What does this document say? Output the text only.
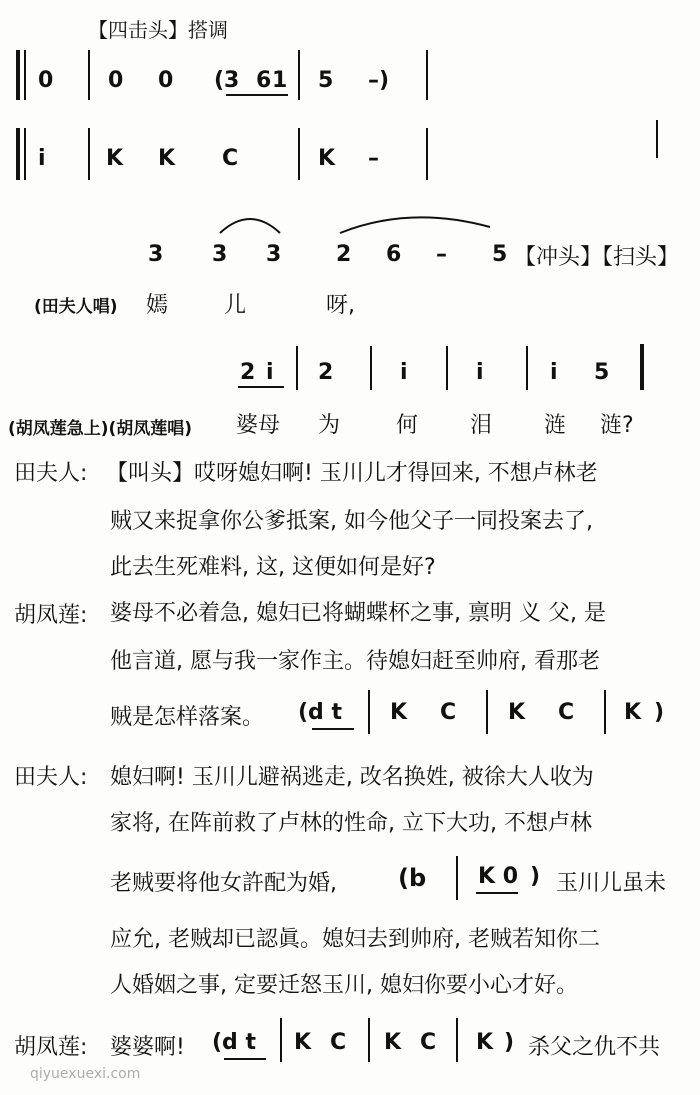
【四击头】搭调
0 0 0 (3 6 1 5 –)
i	K K C	K –
3 3 3 2 6 – 5 【冲头】【扫头】
(田夫人唱) 嫣	儿	呀,
2 i 2	i	i	i 5
(胡凤莲急上)(胡凤莲唱) 婆母 为	何 泪 涟 涟?
田夫人: 【叫头】哎呀媳妇啊! 玉川儿才得回来, 不想卢林老
贼又来捉拿你公爹抵案, 如今他父子一同投案去了,
此去生死难料, 这, 这便如何是好?
胡凤莲: 婆母不必着急, 媳妇已将蝴蝶杯之事, 禀明 义 父, 是
他言道, 愿与我一家作主。待媳妇赶至帅府, 看那老
贼是怎样落案。 (d t K C K C K )
田夫人: 媳妇啊! 玉川儿避祸逃走, 改名换姓, 被徐大人收为
家将, 在阵前救了卢林的性命, 立下大功, 不想卢林
老贼要将他女許配为婚,	(b K 0 ) 玉川儿虽未
应允, 老贼却已認眞。媳妇去到帅府, 老贼若知你二
人婚姻之事, 定要迁怒玉川, 媳妇你要小心才好。
胡凤莲: 婆婆啊! (d t K C K C K ) 杀父之仇不共
qiyuexuexi.com
